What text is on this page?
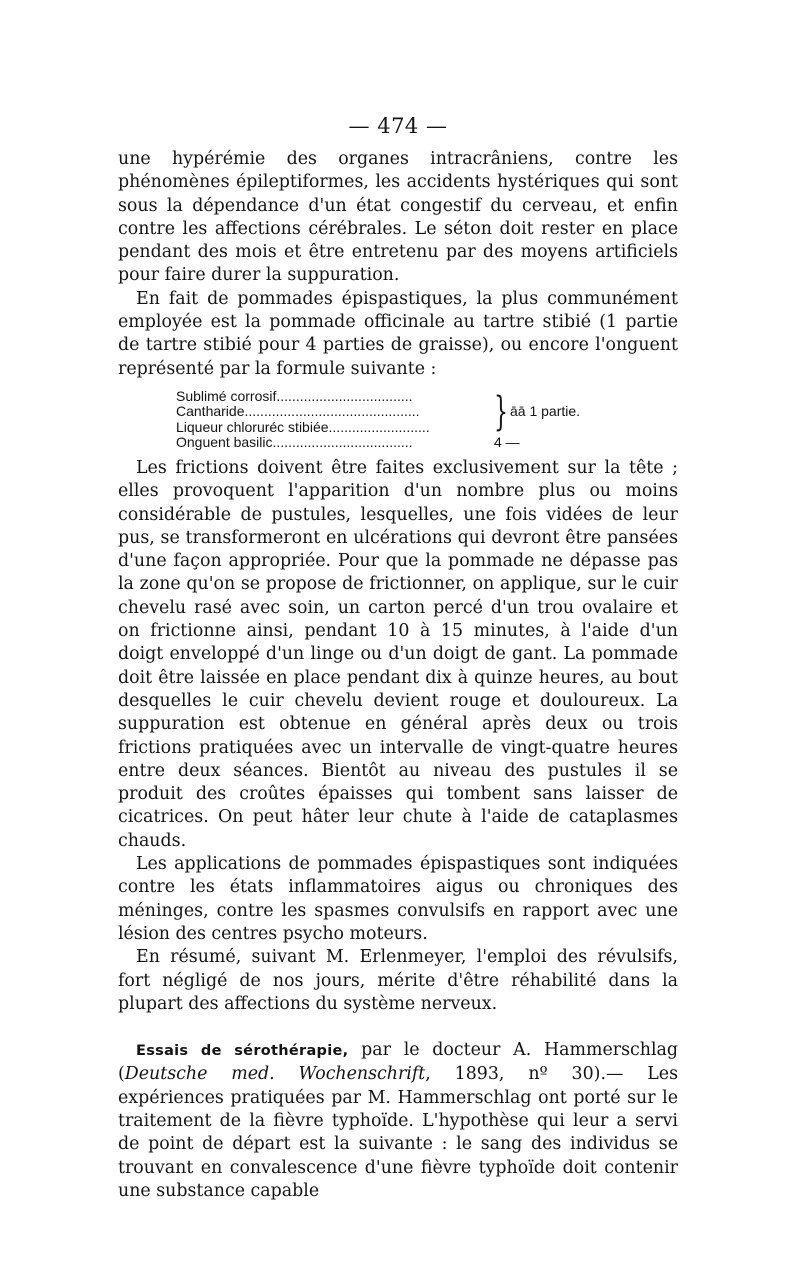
— 474 —

une hypérémie des organes intracrâniens, contre les phénomènes épileptiformes, les accidents hystériques qui sont sous la dépendance d'un état congestif du cerveau, et enfin contre les affections cérébrales. Le séton doit rester en place pendant des mois et être entretenu par des moyens artificiels pour faire durer la suppuration.

En fait de pommades épispastiques, la plus communément employée est la pommade officinale au tartre stibié (1 partie de tartre stibié pour 4 parties de graisse), ou encore l'onguent représenté par la formule suivante :

Sublimé corrosif...................................
Cantharide.............................................
Liqueur chloruréc stibiée..........................
Onguent basilic....................................	4 —
} āā 1 partie.

Les frictions doivent être faites exclusivement sur la tête ; elles provoquent l'apparition d'un nombre plus ou moins considérable de pustules, lesquelles, une fois vidées de leur pus, se transformeront en ulcérations qui devront être pansées d'une façon appropriée. Pour que la pommade ne dépasse pas la zone qu'on se propose de frictionner, on applique, sur le cuir chevelu rasé avec soin, un carton percé d'un trou ovalaire et on frictionne ainsi, pendant 10 à 15 minutes, à l'aide d'un doigt enveloppé d'un linge ou d'un doigt de gant. La pommade doit être laissée en place pendant dix à quinze heures, au bout desquelles le cuir chevelu devient rouge et douloureux. La suppuration est obtenue en général après deux ou trois frictions pratiquées avec un intervalle de vingt-quatre heures entre deux séances. Bientôt au niveau des pustules il se produit des croûtes épaisses qui tombent sans laisser de cicatrices. On peut hâter leur chute à l'aide de cataplasmes chauds.

Les applications de pommades épispastiques sont indiquées contre les états inflammatoires aigus ou chroniques des méninges, contre les spasmes convulsifs en rapport avec une lésion des centres psycho moteurs.

En résumé, suivant M. Erlenmeyer, l'emploi des révulsifs, fort négligé de nos jours, mérite d'être réhabilité dans la plupart des affections du système nerveux.

Essais de sérothérapie, par le docteur A. Hammerschlag (Deutsche med. Wochenschrift, 1893, nº 30).— Les expériences pratiquées par M. Hammerschlag ont porté sur le traitement de la fièvre typhoïde. L'hypothèse qui leur a servi de point de départ est la suivante : le sang des individus se trouvant en convalescence d'une fièvre typhoïde doit contenir une substance capable
